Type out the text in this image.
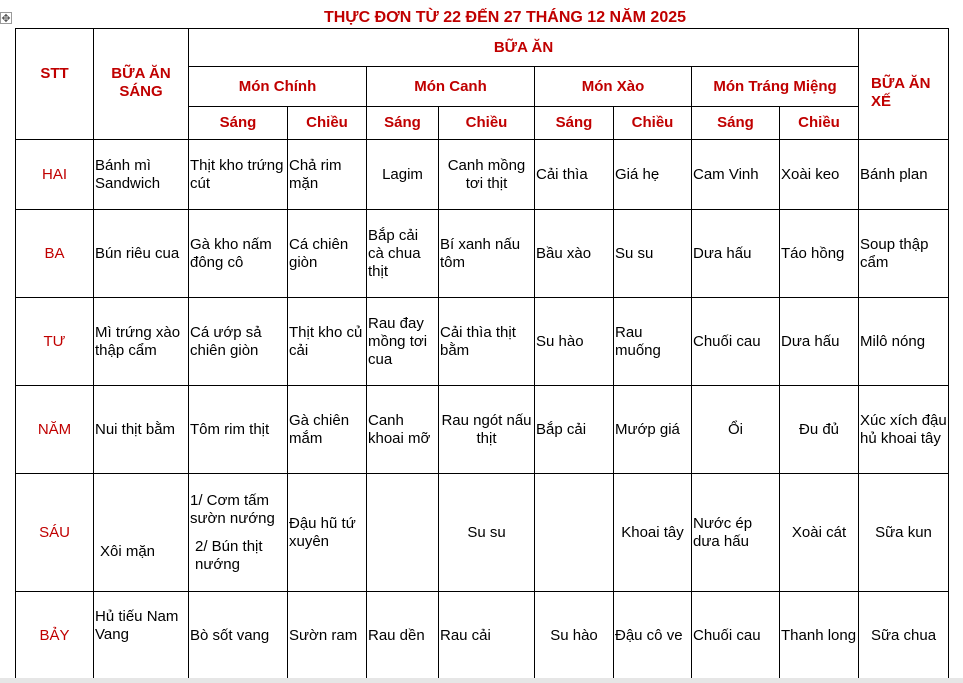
✥	THỰC ĐƠN TỪ 22 ĐẾN 27 THÁNG 12 NĂM 2025
STT	BỮA ĂN SÁNG	BỮA ĂN								BỮA ĂN XẾ
		Món Chính		Món Canh		Món Xào		Món Tráng Miệng		
		Sáng	Chiều	Sáng	Chiều	Sáng	Chiều	Sáng	Chiều	
HAI	Bánh mì Sandwich	Thịt kho trứng cút	Chả rim mặn	Lagim	Canh mồng tơi thịt	Cải thìa	Giá hẹ	Cam Vinh	Xoài keo	Bánh plan
BA	Bún riêu cua	Gà kho nấm đông cô	Cá chiên giòn	Bắp cải cà chua thịt	Bí xanh nấu tôm	Bầu xào	Su su	Dưa hấu	Táo hồng	Soup thập cẩm
TƯ	Mì trứng xào thập cẩm	Cá ướp sả chiên giòn	Thịt kho củ cải	Rau đay mồng tơi cua	Cải thìa thịt bằm	Su hào	Rau muống	Chuối cau	Dưa hấu	Milô nóng
NĂM	Nui thịt bằm	Tôm rim thịt	Gà chiên mắm	Canh khoai mỡ	Rau ngót nấu thịt	Bắp cải	Mướp giá	Ổi	Đu đủ	Xúc xích đậu hủ khoai tây
SÁU	Xôi mặn	1/ Cơm tấm sườn nướng
2/ Bún thịt nướng	Đậu hũ tứ xuyên		Su su		Khoai tây	Nước ép dưa hấu	Xoài cát	Sữa kun
BẢY	Hủ tiếu Nam Vang	Bò sốt vang	Sườn ram	Rau dền	Rau cải	Su hào	Đậu cô ve	Chuối cau	Thanh long	Sữa chua
